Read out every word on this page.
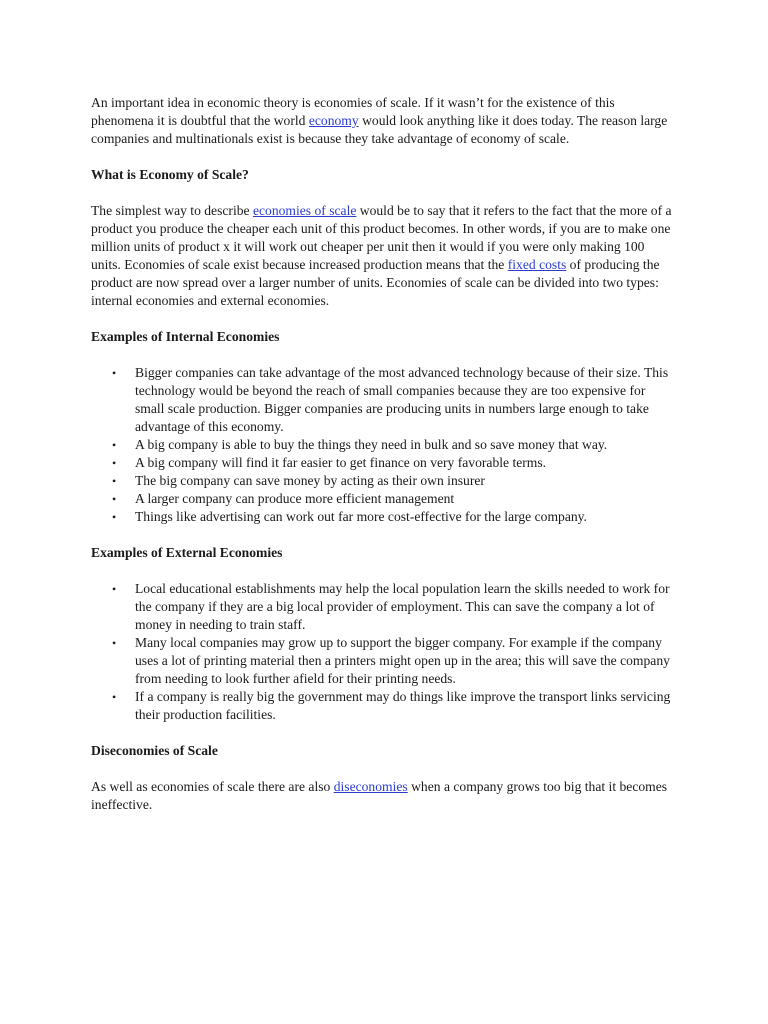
An important idea in economic theory is economies of scale. If it wasn’t for the existence of this phenomena it is doubtful that the world economy would look anything like it does today. The reason large companies and multinationals exist is because they take advantage of economy of scale.

What is Economy of Scale?

The simplest way to describe economies of scale would be to say that it refers to the fact that the more of a product you produce the cheaper each unit of this product becomes. In other words, if you are to make one million units of product x it will work out cheaper per unit then it would if you were only making 100 units. Economies of scale exist because increased production means that the fixed costs of producing the product are now spread over a larger number of units. Economies of scale can be divided into two types: internal economies and external economies.

Examples of Internal Economies
• Bigger companies can take advantage of the most advanced technology because of their size. This technology would be beyond the reach of small companies because they are too expensive for small scale production. Bigger companies are producing units in numbers large enough to take advantage of this economy.
• A big company is able to buy the things they need in bulk and so save money that way.
• A big company will find it far easier to get finance on very favorable terms.
• The big company can save money by acting as their own insurer
• A larger company can produce more efficient management
• Things like advertising can work out far more cost-effective for the large company.
Examples of External Economies
• Local educational establishments may help the local population learn the skills needed to work for the company if they are a big local provider of employment. This can save the company a lot of money in needing to train staff.
• Many local companies may grow up to support the bigger company. For example if the company uses a lot of printing material then a printers might open up in the area; this will save the company from needing to look further afield for their printing needs.
• If a company is really big the government may do things like improve the transport links servicing their production facilities.
Diseconomies of Scale

As well as economies of scale there are also diseconomies when a company grows too big that it becomes ineffective.
